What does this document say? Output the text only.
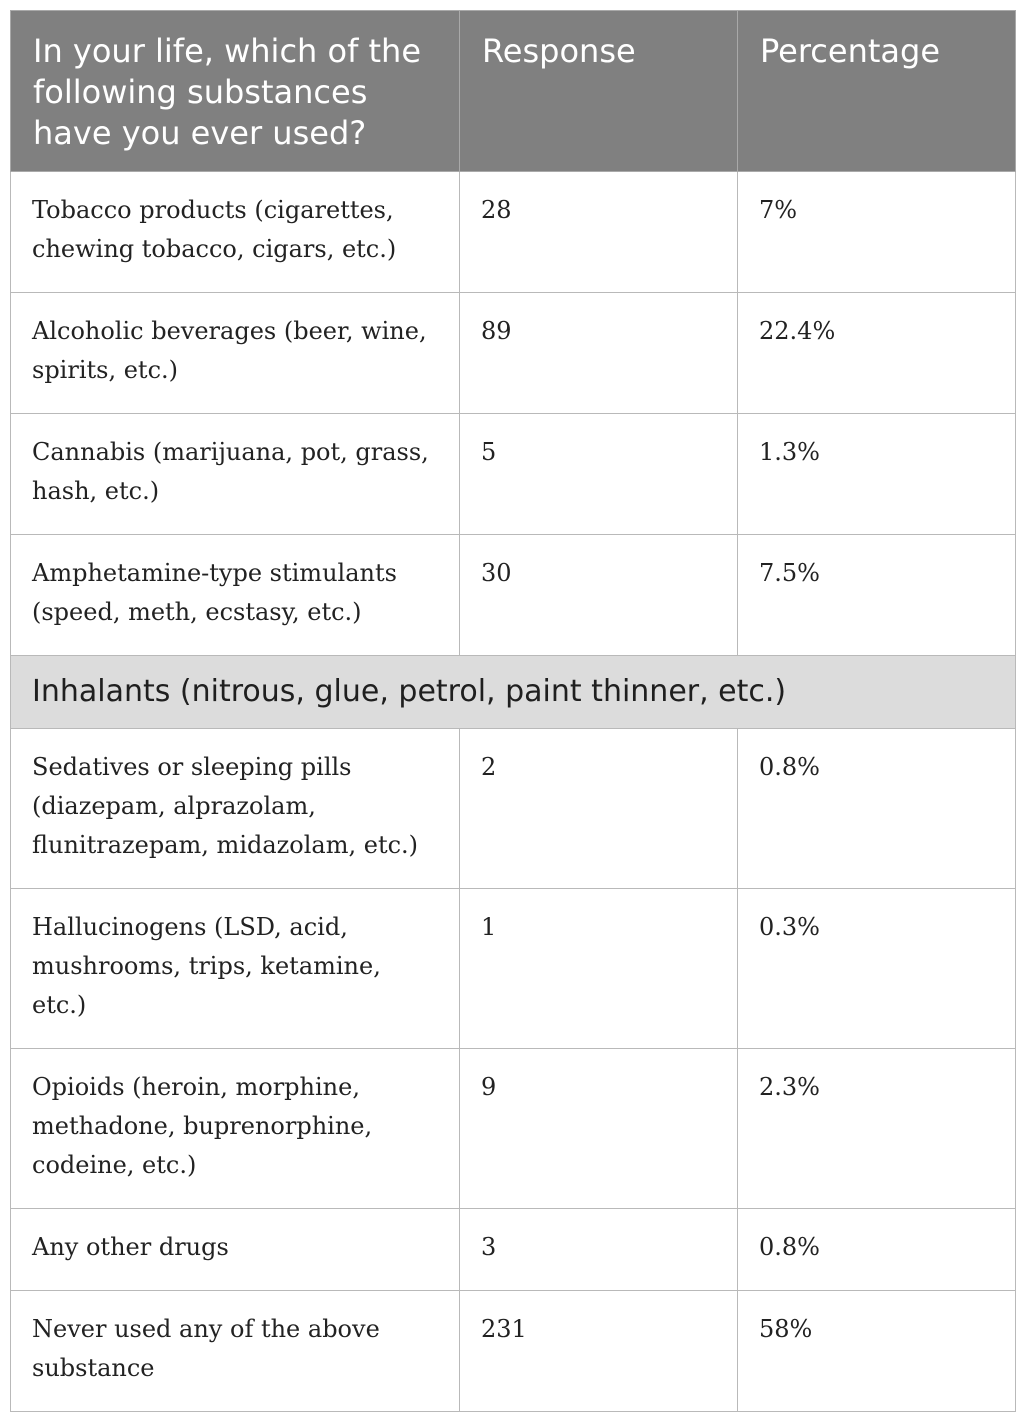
In your life, which of the following substances have you ever used?	Response	Percentage
Tobacco products (cigarettes, chewing tobacco, cigars, etc.)	28	7%
Alcoholic beverages (beer, wine, spirits, etc.)	89	22.4%
Cannabis (marijuana, pot, grass, hash, etc.)	5	1.3%
Amphetamine-type stimulants (speed, meth, ecstasy, etc.)	30	7.5%
Inhalants (nitrous, glue, petrol, paint thinner, etc.)		
Sedatives or sleeping pills (diazepam, alprazolam, flunitrazepam, midazolam, etc.)	2	0.8%
Hallucinogens (LSD, acid, mushrooms, trips, ketamine, etc.)	1	0.3%
Opioids (heroin, morphine, methadone, buprenorphine, codeine, etc.)	9	2.3%
Any other drugs	3	0.8%
Never used any of the above substance	231	58%
